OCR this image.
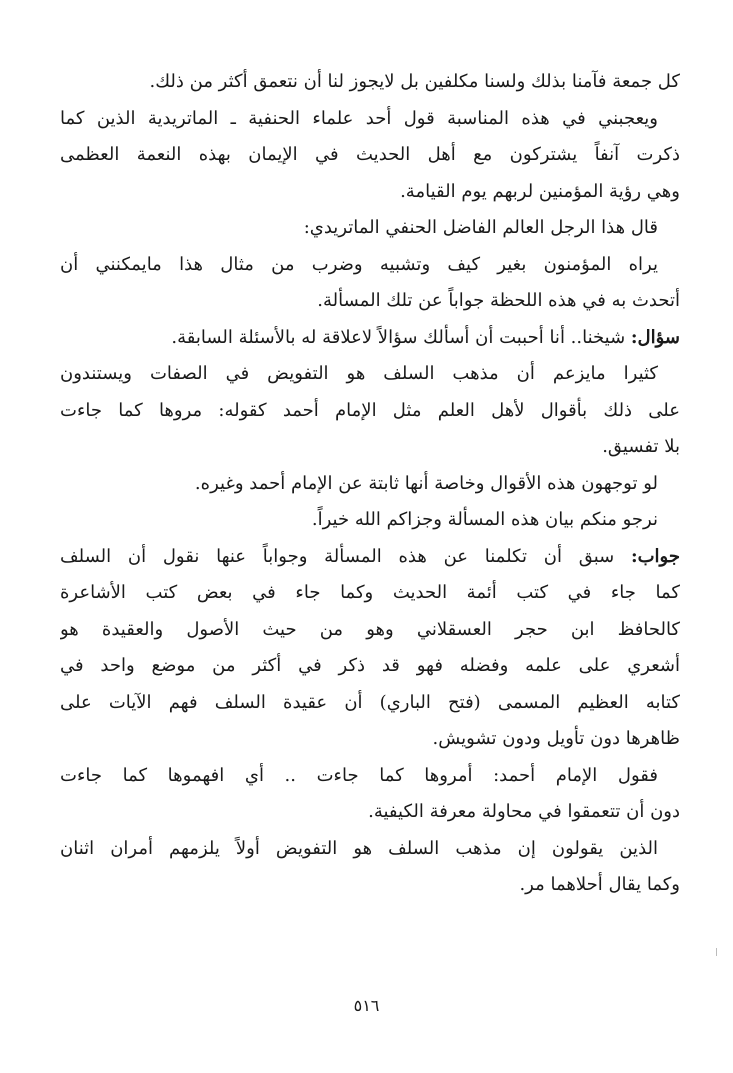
كل جمعة فآمنا بذلك ولسنا مكلفين بل لايجوز لنا أن نتعمق أكثر من ذلك.
ويعجبني في هذه المناسبة قول أحد علماء الحنفية ـ الماتريدية الذين كما
ذكرت آنفاً يشتركون مع أهل الحديث في الإيمان بهذه النعمة العظمى
وهي رؤية المؤمنين لربهم يوم القيامة.
قال هذا الرجل العالم الفاضل الحنفي الماتريدي:
يراه المؤمنون بغير كيف وتشبيه وضرب من مثال هذا مايمكنني أن
أتحدث به في هذه اللحظة جواباً عن تلك المسألة.
سؤال: شيخنا.. أنا أحببت أن أسألك سؤالاً لاعلاقة له بالأسئلة السابقة.
كثيرا مايزعم أن مذهب السلف هو التفويض في الصفات ويستندون
على ذلك بأقوال لأهل العلم مثل الإمام أحمد كقوله: مروها كما جاءت
بلا تفسيق.
لو توجهون هذه الأقوال وخاصة أنها ثابتة عن الإمام أحمد وغيره.
نرجو منكم بيان هذه المسألة وجزاكم الله خيراً.
جواب: سبق أن تكلمنا عن هذه المسألة وجواباً عنها نقول أن السلف
كما جاء في كتب أئمة الحديث وكما جاء في بعض كتب الأشاعرة
كالحافظ ابن حجر العسقلاني وهو من حيث الأصول والعقيدة هو
أشعري على علمه وفضله فهو قد ذكر في أكثر من موضع واحد في
كتابه العظيم المسمى (فتح الباري) أن عقيدة السلف فهم الآيات على
ظاهرها دون تأويل ودون تشويش.
فقول الإمام أحمد: أمروها كما جاءت .. أي افهموها كما جاءت
دون أن تتعمقوا في محاولة معرفة الكيفية.
الذين يقولون إن مذهب السلف هو التفويض أولاً يلزمهم أمران اثنان
وكما يقال أحلاهما مر.
٥١٦
